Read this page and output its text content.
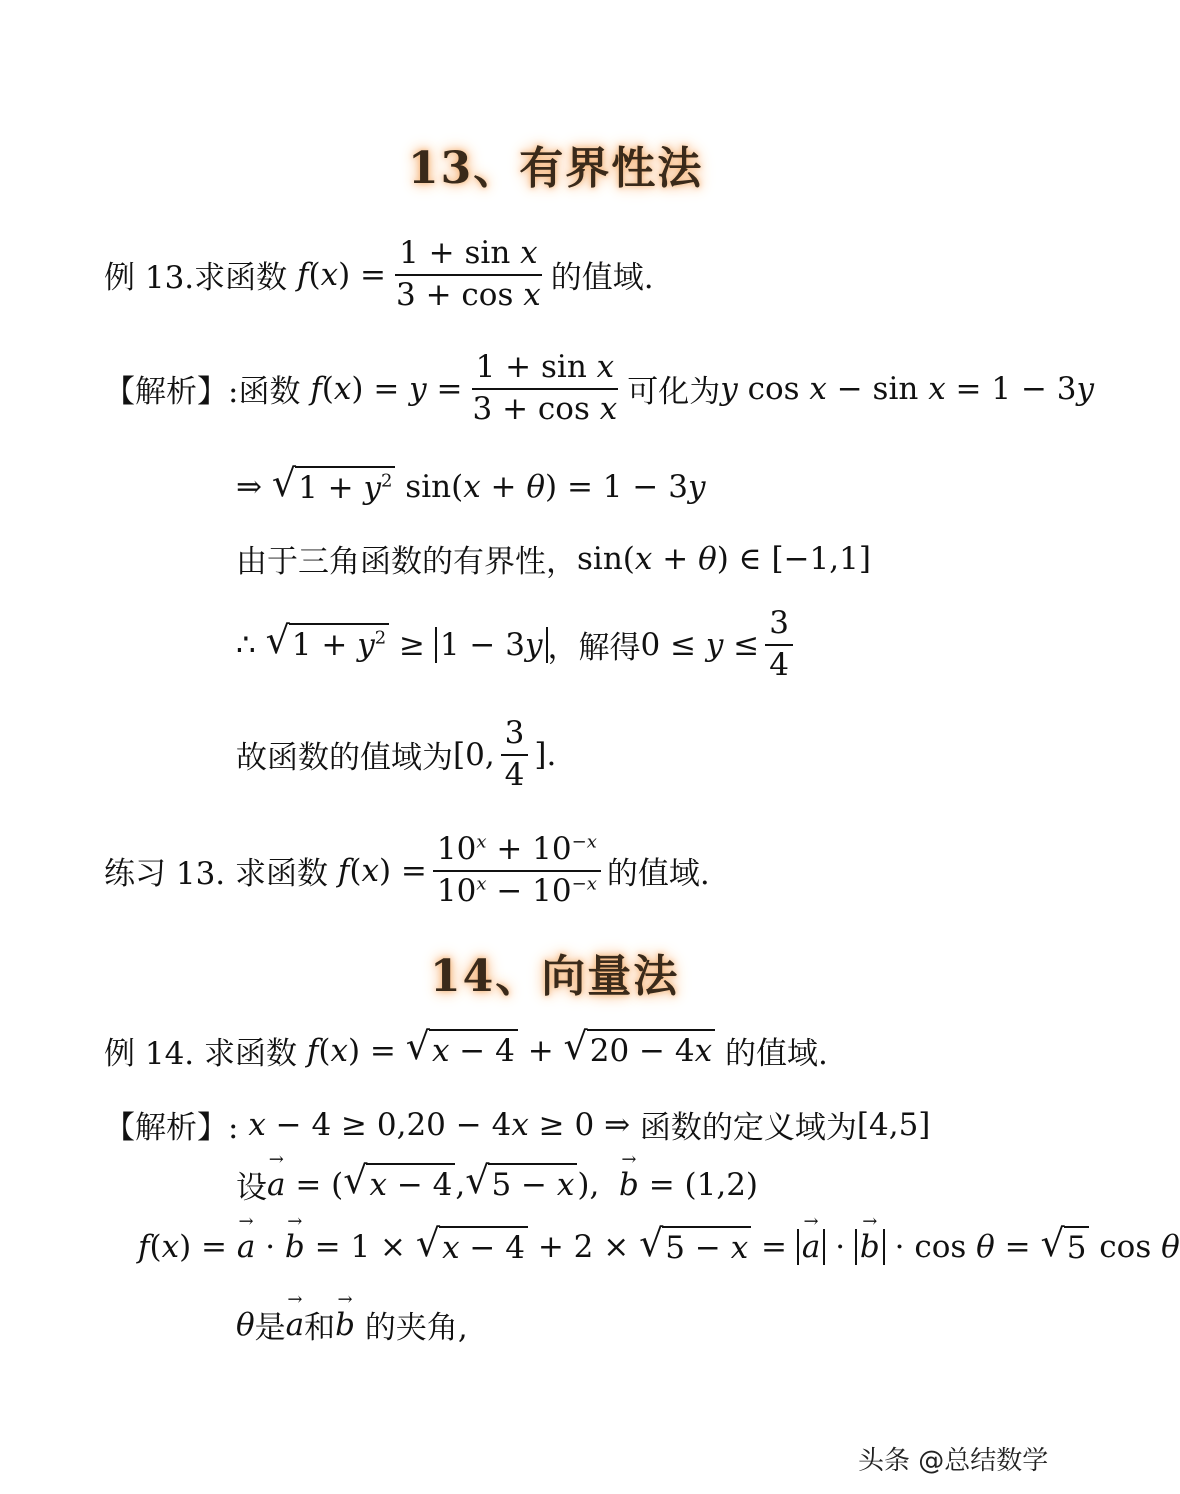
13、有界性法
例 13.求函数 $f(x) = \frac{\text{1 + sin x}}{\text{3 + cos x}}$ 的值域.
【解析】: 函数 $f(x) = y = \frac{\text{1 + sin x}}{\text{3 + cos x}}$ 可化为 y cos x − sin x = 1 − 3y
⇒ √ $1 + y^2$ sin(x + θ) = 1 − 3y
由于三角函数的有界性， sin(x + θ) ∈ [−1,1]
∴ √ $1 + y^2 \ge 1 - 3y$ ，解得 $0 \le y \le \frac{3}{4}$
故函数的值域为 [0, $\frac{3}{4}$ ].
练习 13. 求函数 $f(x) = \frac{10^x + 10^{-x}}{10^x - 10^{-x}}$ 的值域.
14、向量法
例 14. 求函数 f(x) = √ x − 4 + √ 20 − 4x
的值域.
【解析】: x − 4 ≥ 0,20 − 4x ≥ 0 ⇒ 函数的定义域为 [4,5]
设 → a = ( √ x − 4 , √ 5 − x ), → b = (1,2)
f(x) = → a · → b = 1 × √ x − 4 + 2 × √ 5 − x = → a · → b · cos θ = √ 5 cos θ
θ 是 → a 和 → b
的夹角,
头条 @总结数学
